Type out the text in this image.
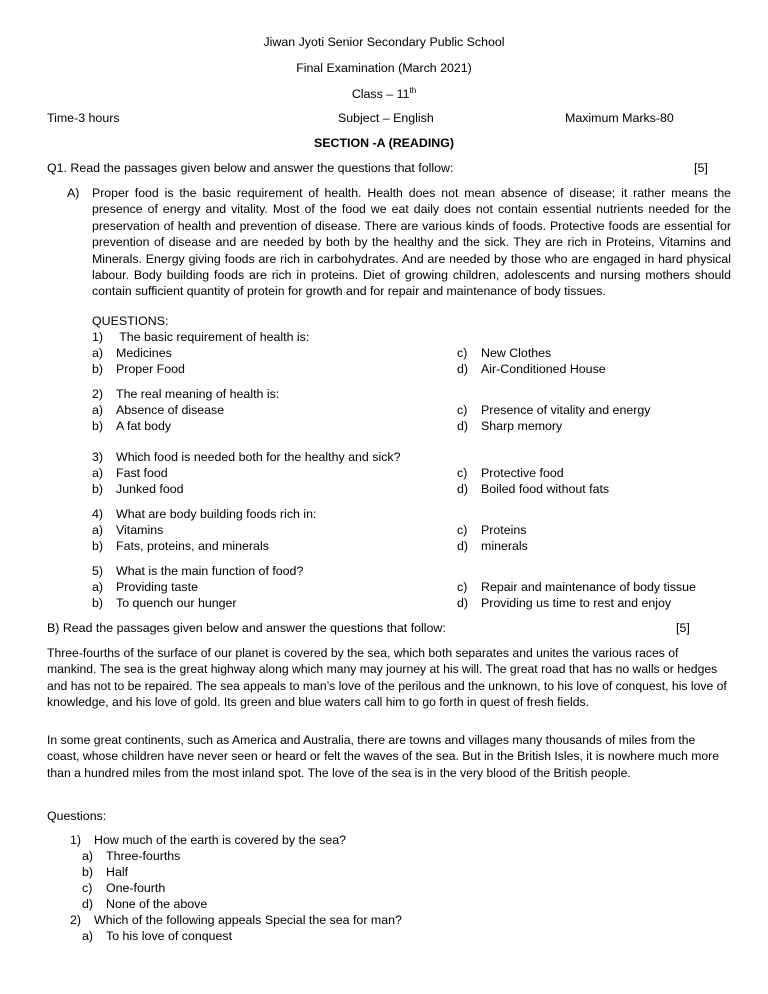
Jiwan Jyoti Senior Secondary Public School
Final Examination (March 2021)
Class – 11th
Time-3 hours	Subject – English	Maximum Marks-80
SECTION -A (READING)
Q1. Read the passages given below and answer the questions that follow:	[5]
A) Proper food is the basic requirement of health. Health does not mean absence of disease; it rather means the presence of energy and vitality. Most of the food we eat daily does not contain essential nutrients needed for the preservation of health and prevention of disease. There are various kinds of foods. Protective foods are essential for prevention of disease and are needed by both by the healthy and the sick. They are rich in Proteins, Vitamins and Minerals. Energy giving foods are rich in carbohydrates. And are needed by those who are engaged in hard physical labour. Body building foods are rich in proteins. Diet of growing children, adolescents and nursing mothers should contain sufficient quantity of protein for growth and for repair and maintenance of body tissues.
QUESTIONS:
1) The basic requirement of health is:
a) Medicines
b) Proper Food
c) New Clothes
d) Air-Conditioned House
2) The real meaning of health is:
a) Absence of disease
b) A fat body
c) Presence of vitality and energy
d) Sharp memory
3) Which food is needed both for the healthy and sick?
a) Fast food
b) Junked food
c) Protective food
d) Boiled food without fats
4) What are body building foods rich in:
a) Vitamins
b) Fats, proteins, and minerals
c) Proteins
d) minerals
5) What is the main function of food?
a) Providing taste
b) To quench our hunger
c) Repair and maintenance of body tissue
d) Providing us time to rest and enjoy
B) Read the passages given below and answer the questions that follow:	[5]
Three-fourths of the surface of our planet is covered by the sea, which both separates and unites the various races of mankind. The sea is the great highway along which many may journey at his will. The great road that has no walls or hedges and has not to be repaired. The sea appeals to man’s love of the perilous and the unknown, to his love of conquest, his love of knowledge, and his love of gold. Its green and blue waters call him to go forth in quest of fresh fields.
In some great continents, such as America and Australia, there are towns and villages many thousands of miles from the coast, whose children have never seen or heard or felt the waves of the sea. But in the British Isles, it is nowhere much more than a hundred miles from the most inland spot. The love of the sea is in the very blood of the British people.
Questions:
1) How much of the earth is covered by the sea?
a) Three-fourths
b) Half
c) One-fourth
d) None of the above
2) Which of the following appeals Special the sea for man?
a) To his love of conquest
